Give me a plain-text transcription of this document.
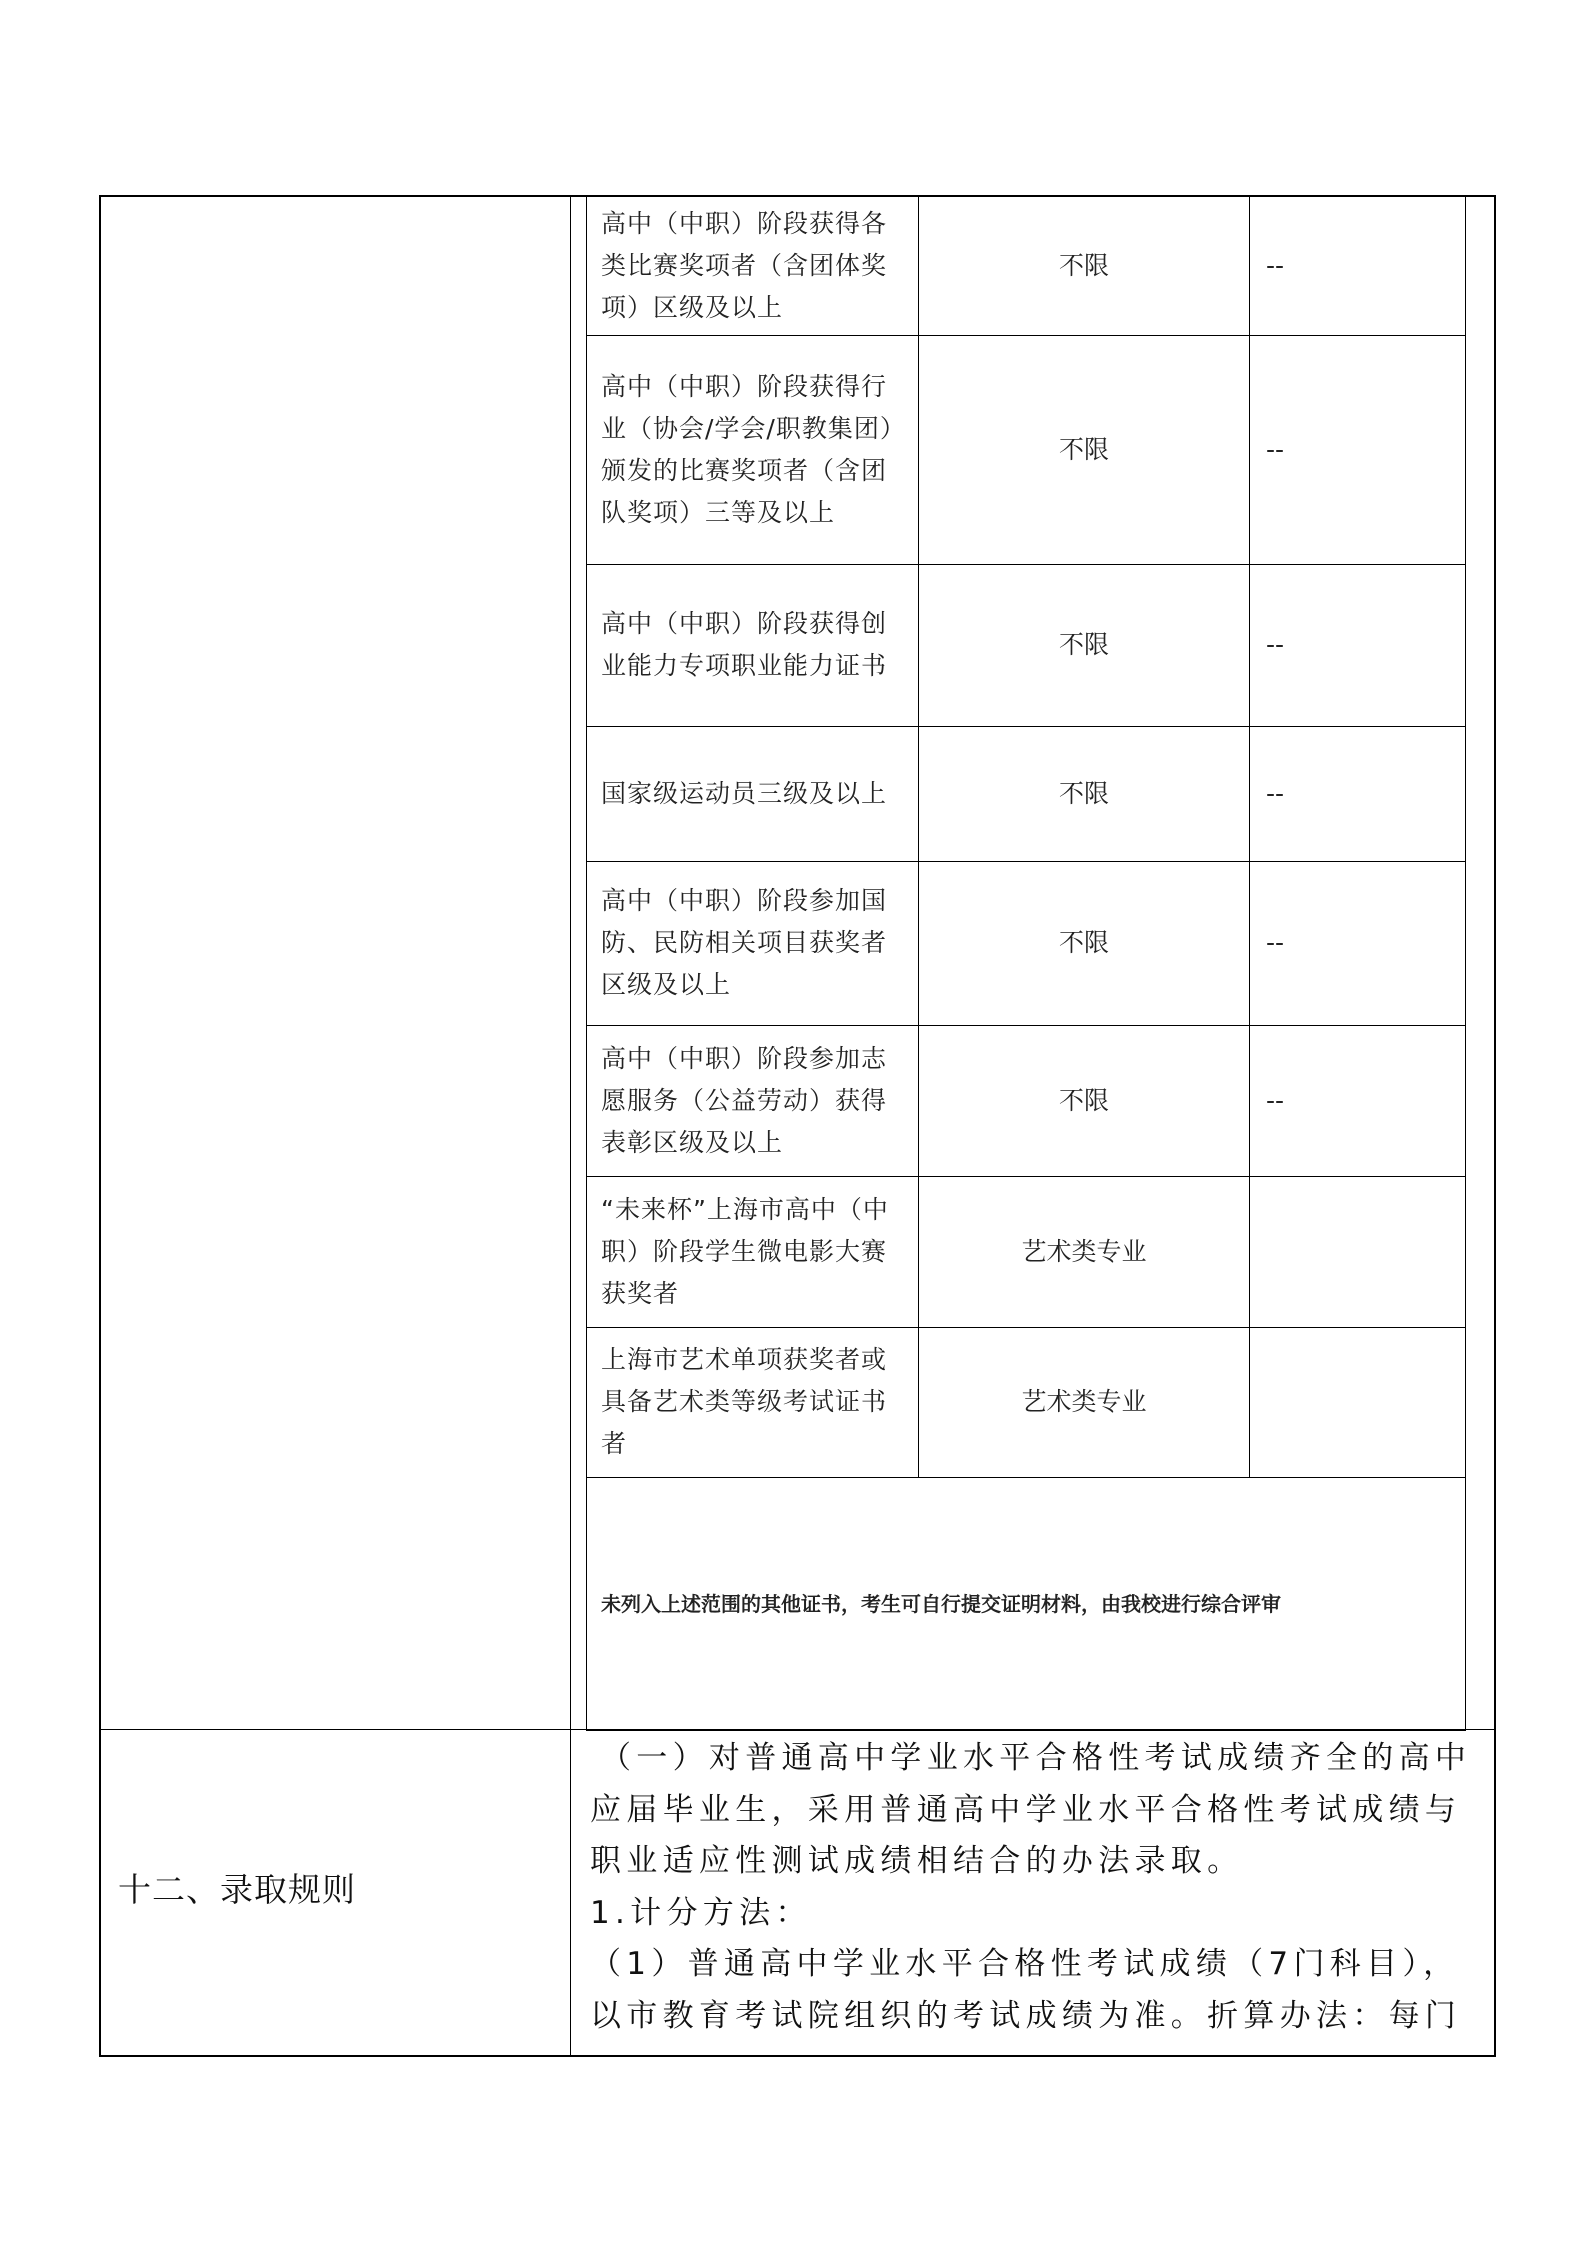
高中（中职）阶段获得各类比赛奖项者（含团体奖项）区级及以上	不限	--
高中（中职）阶段获得行业（协会/学会/职教集团）颁发的比赛奖项者（含团队奖项）三等及以上	不限	--
高中（中职）阶段获得创业能力专项职业能力证书	不限	--
国家级运动员三级及以上	不限	--
高中（中职）阶段参加国防、民防相关项目获奖者区级及以上	不限	--
高中（中职）阶段参加志愿服务（公益劳动）获得表彰区级及以上	不限	--
“未来杯”上海市高中（中职）阶段学生微电影大赛获奖者	艺术类专业	
上海市艺术单项获奖者或具备艺术类等级考试证书者	艺术类专业	
未列入上述范围的其他证书，考生可自行提交证明材料，由我校进行综合评审		
十二、录取规则

（一）对普通高中学业水平合格性考试成绩齐全的高中应届毕业生，采用普通高中学业水平合格性考试成绩与职业适应性测试成绩相结合的办法录取。

1.计分方法：

（1）普通高中学业水平合格性考试成绩（7门科目），以市教育考试院组织的考试成绩为准。折算办法：每门
